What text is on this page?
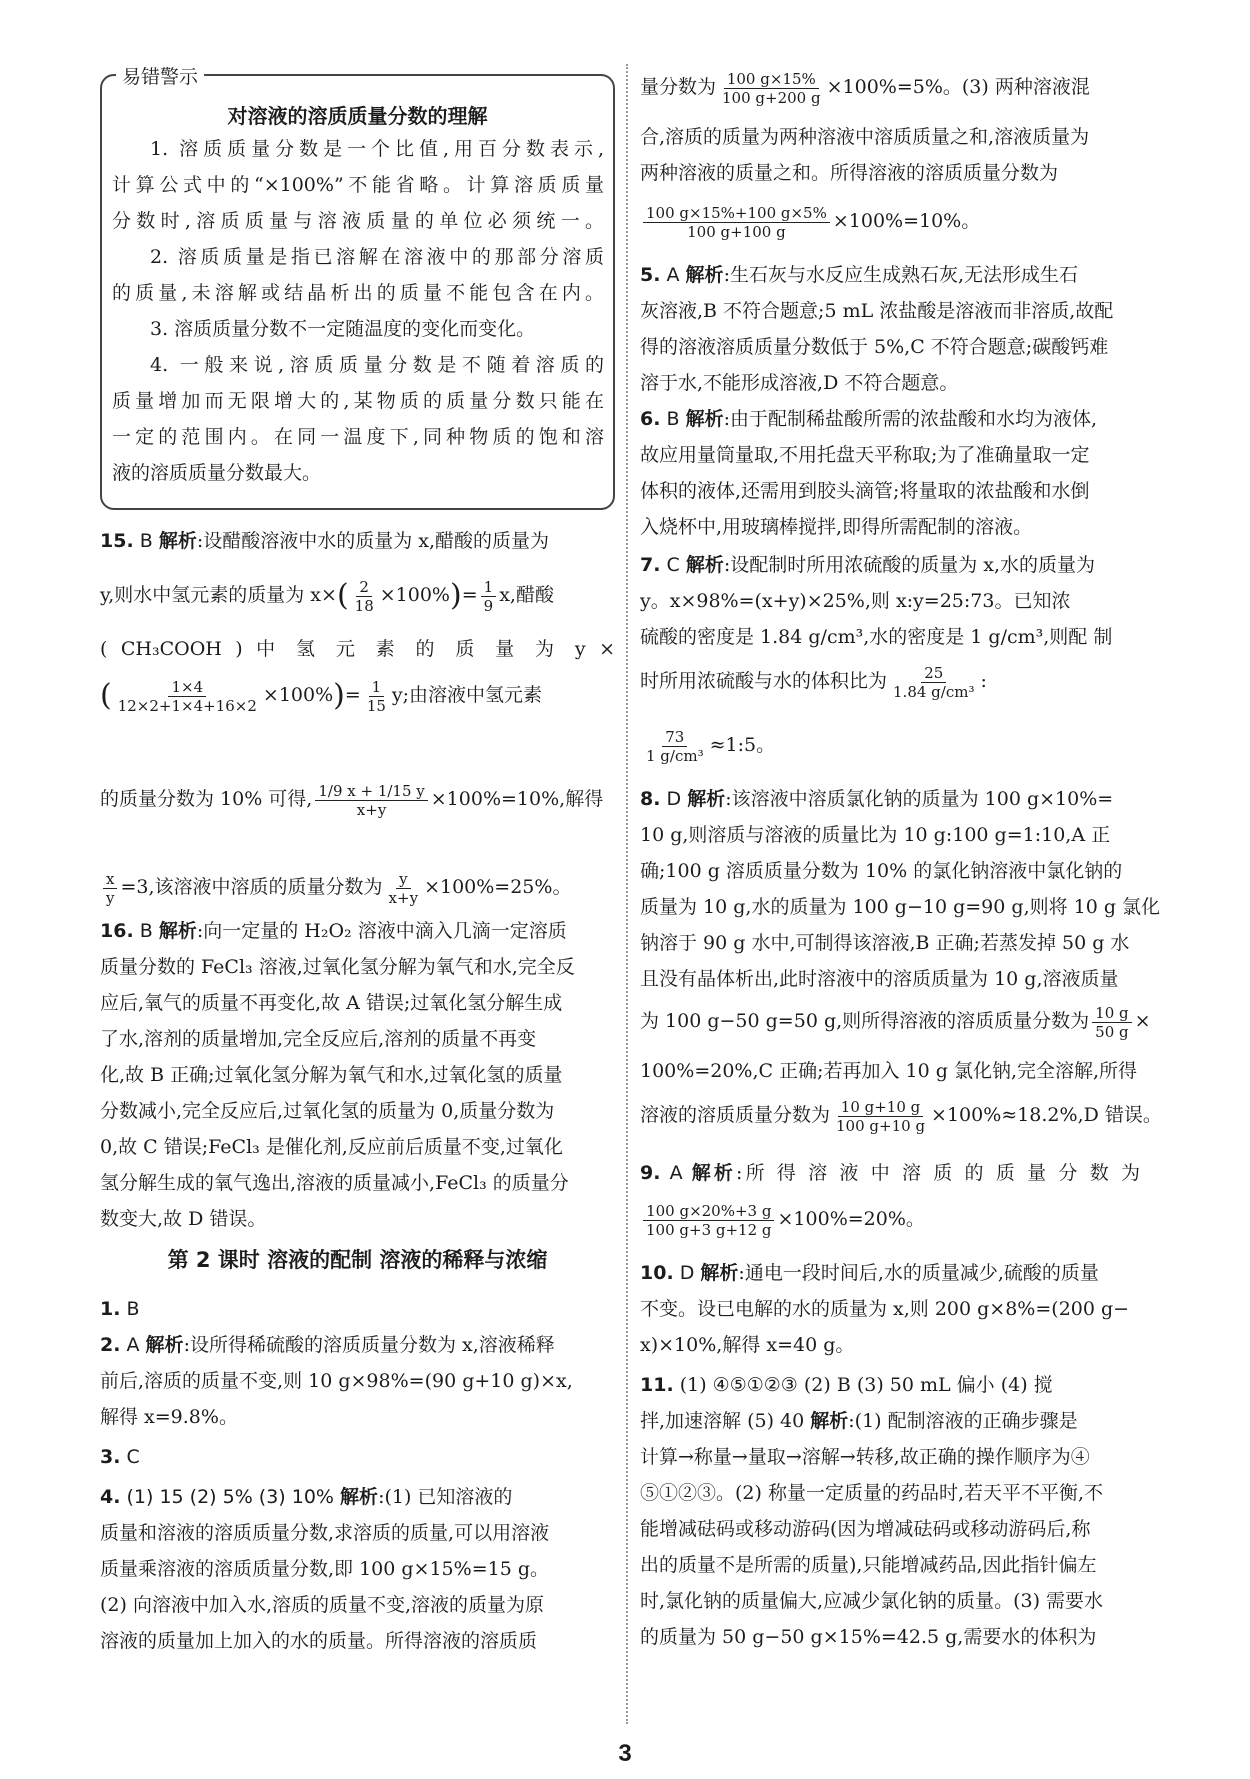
易错警示
对溶液的溶质质量分数的理解
1. 溶质质量分数是一个比值,用百分数表示,
计算公式中的“×100%”不能省略。计算溶质质量
分数时,溶质质量与溶液质量的单位必须统一。
2. 溶质质量是指已溶解在溶液中的那部分溶质
的质量,未溶解或结晶析出的质量不能包含在内。
3. 溶质质量分数不一定随温度的变化而变化。
4. 一般来说,溶质质量分数是不随着溶质的
质量增加而无限增大的,某物质的质量分数只能在
一定的范围内。在同一温度下,同种物质的饱和溶
液的溶质质量分数最大。
15. B 解析:设醋酸溶液中水的质量为 x,醋酸的质量为
y,则水中氢元素的质量为 $x\times( \frac{2}{18} \times 100\%)= \frac{1}{9} x$,醋酸
( CH₃COOH ) 中 氢 元 素 的 质 量 为 y ×
( $\frac{1\times 4}{12\times 2+1\times 4+16\times 2} \times 100\%)= \frac{1}{15} y$;由溶液中氢元素
的质量分数为 10% 可得, $\frac{1/9 x + 1/15 y}{x+y} \times 100\%=10\%$,解得
$\frac{x}{y} =3$,该溶液中溶质的质量分数为 $\frac{y}{x+y} \times 100\%=25\%$。
16. B 解析:向一定量的 H₂O₂ 溶液中滴入几滴一定溶质
质量分数的 FeCl₃ 溶液,过氧化氢分解为氧气和水,完全反
应后,氧气的质量不再变化,故 A 错误;过氧化氢分解生成
了水,溶剂的质量增加,完全反应后,溶剂的质量不再变
化,故 B 正确;过氧化氢分解为氧气和水,过氧化氢的质量
分数减小,完全反应后,过氧化氢的质量为 0,质量分数为
0,故 C 错误;FeCl₃ 是催化剂,反应前后质量不变,过氧化
氢分解生成的氧气逸出,溶液的质量减小,FeCl₃ 的质量分
数变大,故 D 错误。
第 2 课时 溶液的配制 溶液的稀释与浓缩
1. B
2. A 解析:设所得稀硫酸的溶质质量分数为 x,溶液稀释
前后,溶质的质量不变,则 10 g×98%=(90 g+10 g)×x,
解得 x=9.8%。
3. C
4. (1) 15 (2) 5% (3) 10% 解析:(1) 已知溶液的
质量和溶液的溶质质量分数,求溶质的质量,可以用溶液
质量乘溶液的溶质质量分数,即 100 g×15%=15 g。
(2) 向溶液中加入水,溶质的质量不变,溶液的质量为原
溶液的质量加上加入的水的质量。所得溶液的溶质质
量分数为 $\frac{100 g\times 15\%}{100 g+200 g} \times 100\%=5\%$。(3) 两种溶液混
合,溶质的质量为两种溶液中溶质质量之和,溶液质量为
两种溶液的质量之和。所得溶液的溶质质量分数为
$\frac{100 g\times 15\%+100 g\times 5\%}{100 g+100 g} \times 100\%=10\%$。
5. A 解析:生石灰与水反应生成熟石灰,无法形成生石
灰溶液,B 不符合题意;5 mL 浓盐酸是溶液而非溶质,故配
得的溶液溶质质量分数低于 5%,C 不符合题意;碳酸钙难
溶于水,不能形成溶液,D 不符合题意。
6. B 解析:由于配制稀盐酸所需的浓盐酸和水均为液体,
故应用量筒量取,不用托盘天平称取;为了准确量取一定
体积的液体,还需用到胶头滴管;将量取的浓盐酸和水倒
入烧杯中,用玻璃棒搅拌,即得所需配制的溶液。
7. C 解析:设配制时所用浓硫酸的质量为 x,水的质量为
y。x×98%=(x+y)×25%,则 x:y=25:73。已知浓
硫酸的密度是 1.84 g/cm³,水的密度是 1 g/cm³,则配 制
时所用浓硫酸与水的体积比为 $\frac{25}{\text{1.84 g/cm³}}$ :
$\frac{73}{\text{1 g/cm³}}$ ≈1:5。
8. D 解析:该溶液中溶质氯化钠的质量为 100 g×10%=
10 g,则溶质与溶液的质量比为 10 g:100 g=1:10,A 正
确;100 g 溶质质量分数为 10% 的氯化钠溶液中氯化钠的
质量为 10 g,水的质量为 100 g−10 g=90 g,则将 10 g 氯化
钠溶于 90 g 水中,可制得该溶液,B 正确;若蒸发掉 50 g 水
且没有晶体析出,此时溶液中的溶质质量为 10 g,溶液质量
为 100 g−50 g=50 g,则所得溶液的溶质质量分数为 $\frac{10 g}{50 g}$ ×
100%=20%,C 正确;若再加入 10 g 氯化钠,完全溶解,所得
溶液的溶质质量分数为 $\frac{10 g+10 g}{100 g+10 g} \times 100\%\approx 18.2\%,D$ 错误。
9. A 解析:所 得 溶 液 中 溶 质 的 质 量 分 数 为
$\frac{100 g\times 20\%+3 g}{100 g+3 g+12 g} \times 100\%=20\%$。
10. D 解析:通电一段时间后,水的质量减少,硫酸的质量
不变。设已电解的水的质量为 x,则 200 g×8%=(200 g−
x)×10%,解得 x=40 g。
11. (1) ④⑤①②③ (2) B (3) 50 mL 偏小 (4) 搅
拌,加速溶解 (5) 40 解析:(1) 配制溶液的正确步骤是
计算→称量→量取→溶解→转移,故正确的操作顺序为④
⑤①②③。(2) 称量一定质量的药品时,若天平不平衡,不
能增减砝码或移动游码(因为增减砝码或移动游码后,称
出的质量不是所需的质量),只能增减药品,因此指针偏左
时,氯化钠的质量偏大,应减少氯化钠的质量。(3) 需要水
的质量为 50 g−50 g×15%=42.5 g,需要水的体积为
3
